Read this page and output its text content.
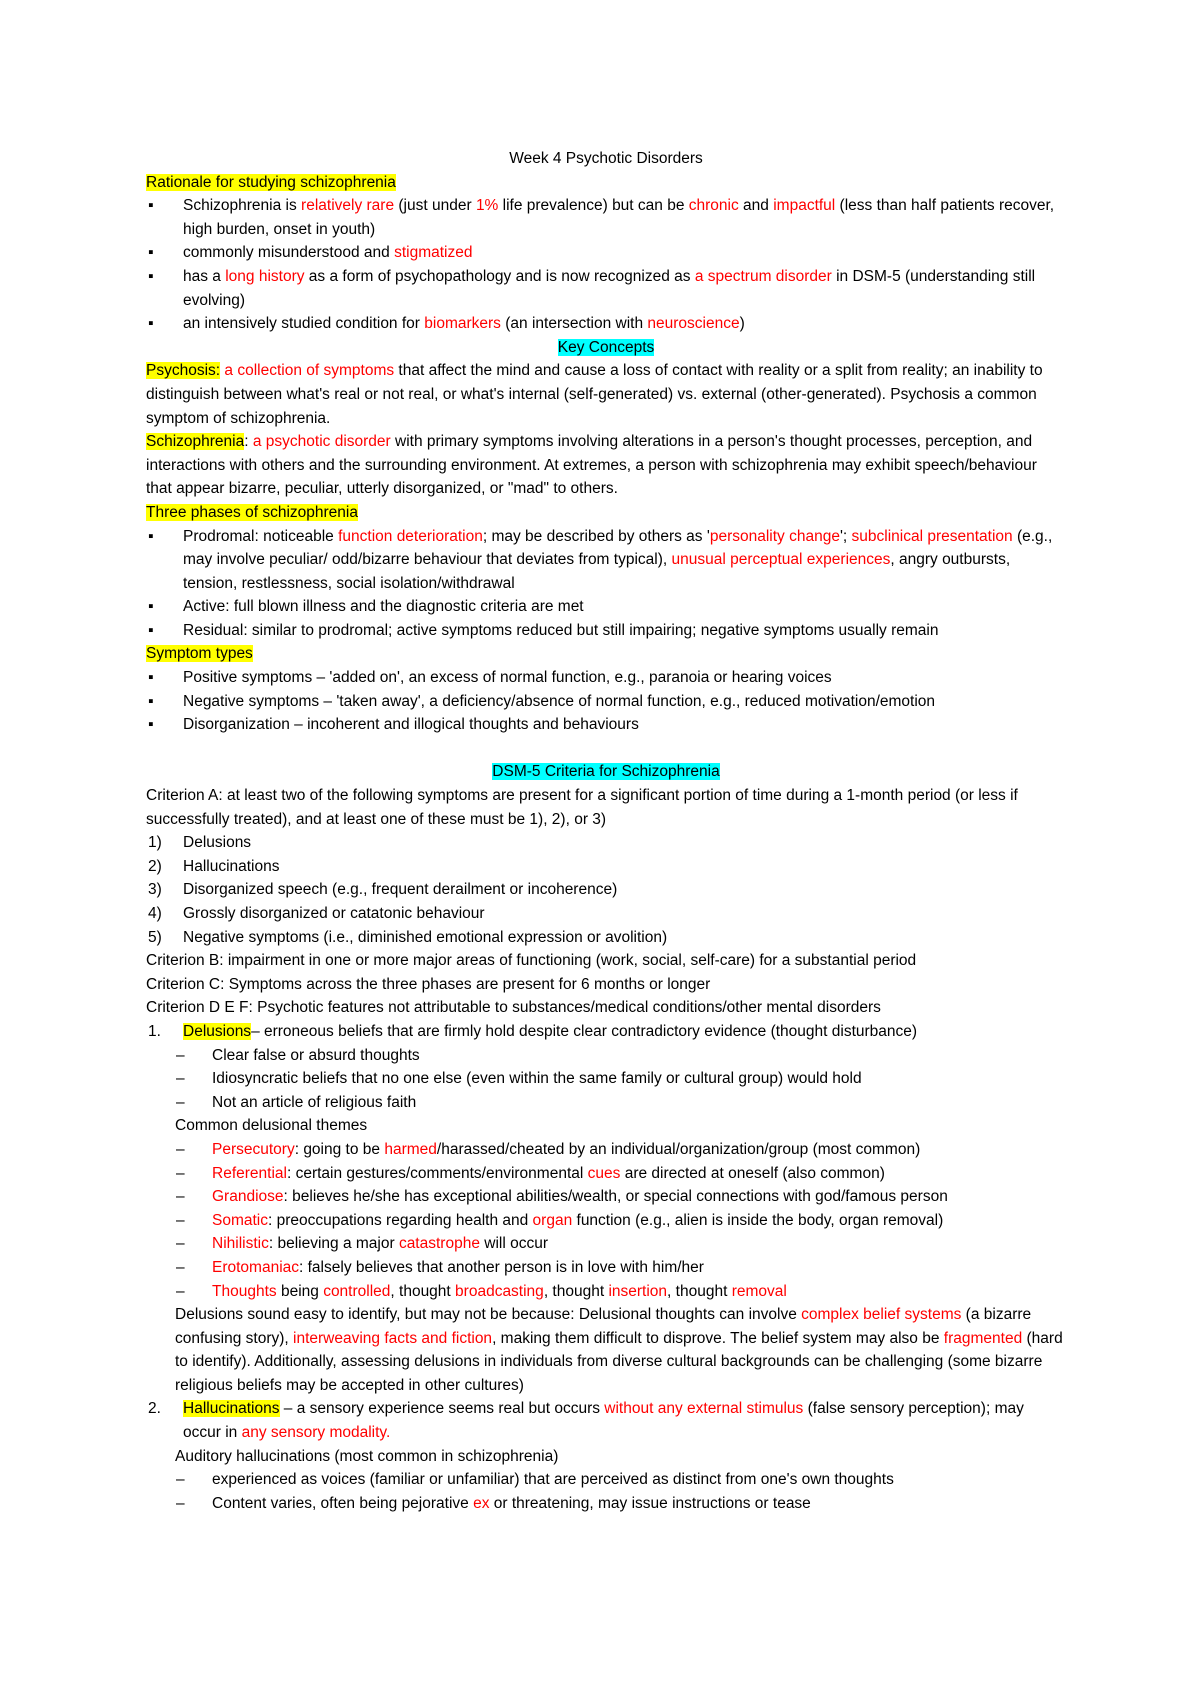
Week 4 Psychotic Disorders

Rationale for studying schizophrenia

▪ Schizophrenia is relatively rare (just under 1% life prevalence) but can be chronic and impactful (less than half patients recover, high burden, onset in youth)

▪ commonly misunderstood and stigmatized

▪ has a long history as a form of psychopathology and is now recognized as a spectrum disorder in DSM-5 (understanding still evolving)

▪ an intensively studied condition for biomarkers (an intersection with neuroscience)

Key Concepts

Psychosis: a collection of symptoms that affect the mind and cause a loss of contact with reality or a split from reality; an inability to distinguish between what's real or not real, or what's internal (self-generated) vs. external (other-generated). Psychosis a common symptom of schizophrenia.

Schizophrenia: a psychotic disorder with primary symptoms involving alterations in a person's thought processes, perception, and interactions with others and the surrounding environment. At extremes, a person with schizophrenia may exhibit speech/behaviour that appear bizarre, peculiar, utterly disorganized, or "mad" to others.

Three phases of schizophrenia

▪ Prodromal: noticeable function deterioration; may be described by others as 'personality change'; subclinical presentation (e.g., may involve peculiar/ odd/bizarre behaviour that deviates from typical), unusual perceptual experiences, angry outbursts, tension, restlessness, social isolation/withdrawal

▪ Active: full blown illness and the diagnostic criteria are met

▪ Residual: similar to prodromal; active symptoms reduced but still impairing; negative symptoms usually remain

Symptom types

▪ Positive symptoms – 'added on', an excess of normal function, e.g., paranoia or hearing voices

▪ Negative symptoms – 'taken away', a deficiency/absence of normal function, e.g., reduced motivation/emotion

▪ Disorganization – incoherent and illogical thoughts and behaviours

DSM-5 Criteria for Schizophrenia

Criterion A: at least two of the following symptoms are present for a significant portion of time during a 1-month period (or less if successfully treated), and at least one of these must be 1), 2), or 3)

1) Delusions

2) Hallucinations

3) Disorganized speech (e.g., frequent derailment or incoherence)

4) Grossly disorganized or catatonic behaviour

5) Negative symptoms (i.e., diminished emotional expression or avolition)

Criterion B: impairment in one or more major areas of functioning (work, social, self-care) for a substantial period

Criterion C: Symptoms across the three phases are present for 6 months or longer

Criterion D E F: Psychotic features not attributable to substances/medical conditions/other mental disorders

1. Delusions– erroneous beliefs that are firmly hold despite clear contradictory evidence (thought disturbance)

– Clear false or absurd thoughts

– Idiosyncratic beliefs that no one else (even within the same family or cultural group) would hold

– Not an article of religious faith

Common delusional themes

– Persecutory: going to be harmed/harassed/cheated by an individual/organization/group (most common)

– Referential: certain gestures/comments/environmental cues are directed at oneself (also common)

– Grandiose: believes he/she has exceptional abilities/wealth, or special connections with god/famous person

– Somatic: preoccupations regarding health and organ function (e.g., alien is inside the body, organ removal)

– Nihilistic: believing a major catastrophe will occur

– Erotomaniac: falsely believes that another person is in love with him/her

– Thoughts being controlled, thought broadcasting, thought insertion, thought removal

Delusions sound easy to identify, but may not be because: Delusional thoughts can involve complex belief systems (a bizarre confusing story), interweaving facts and fiction, making them difficult to disprove. The belief system may also be fragmented (hard to identify). Additionally, assessing delusions in individuals from diverse cultural backgrounds can be challenging (some bizarre religious beliefs may be accepted in other cultures)

2. Hallucinations – a sensory experience seems real but occurs without any external stimulus (false sensory perception); may occur in any sensory modality.

Auditory hallucinations (most common in schizophrenia)

– experienced as voices (familiar or unfamiliar) that are perceived as distinct from one's own thoughts

– Content varies, often being pejorative ex or threatening, may issue instructions or tease
